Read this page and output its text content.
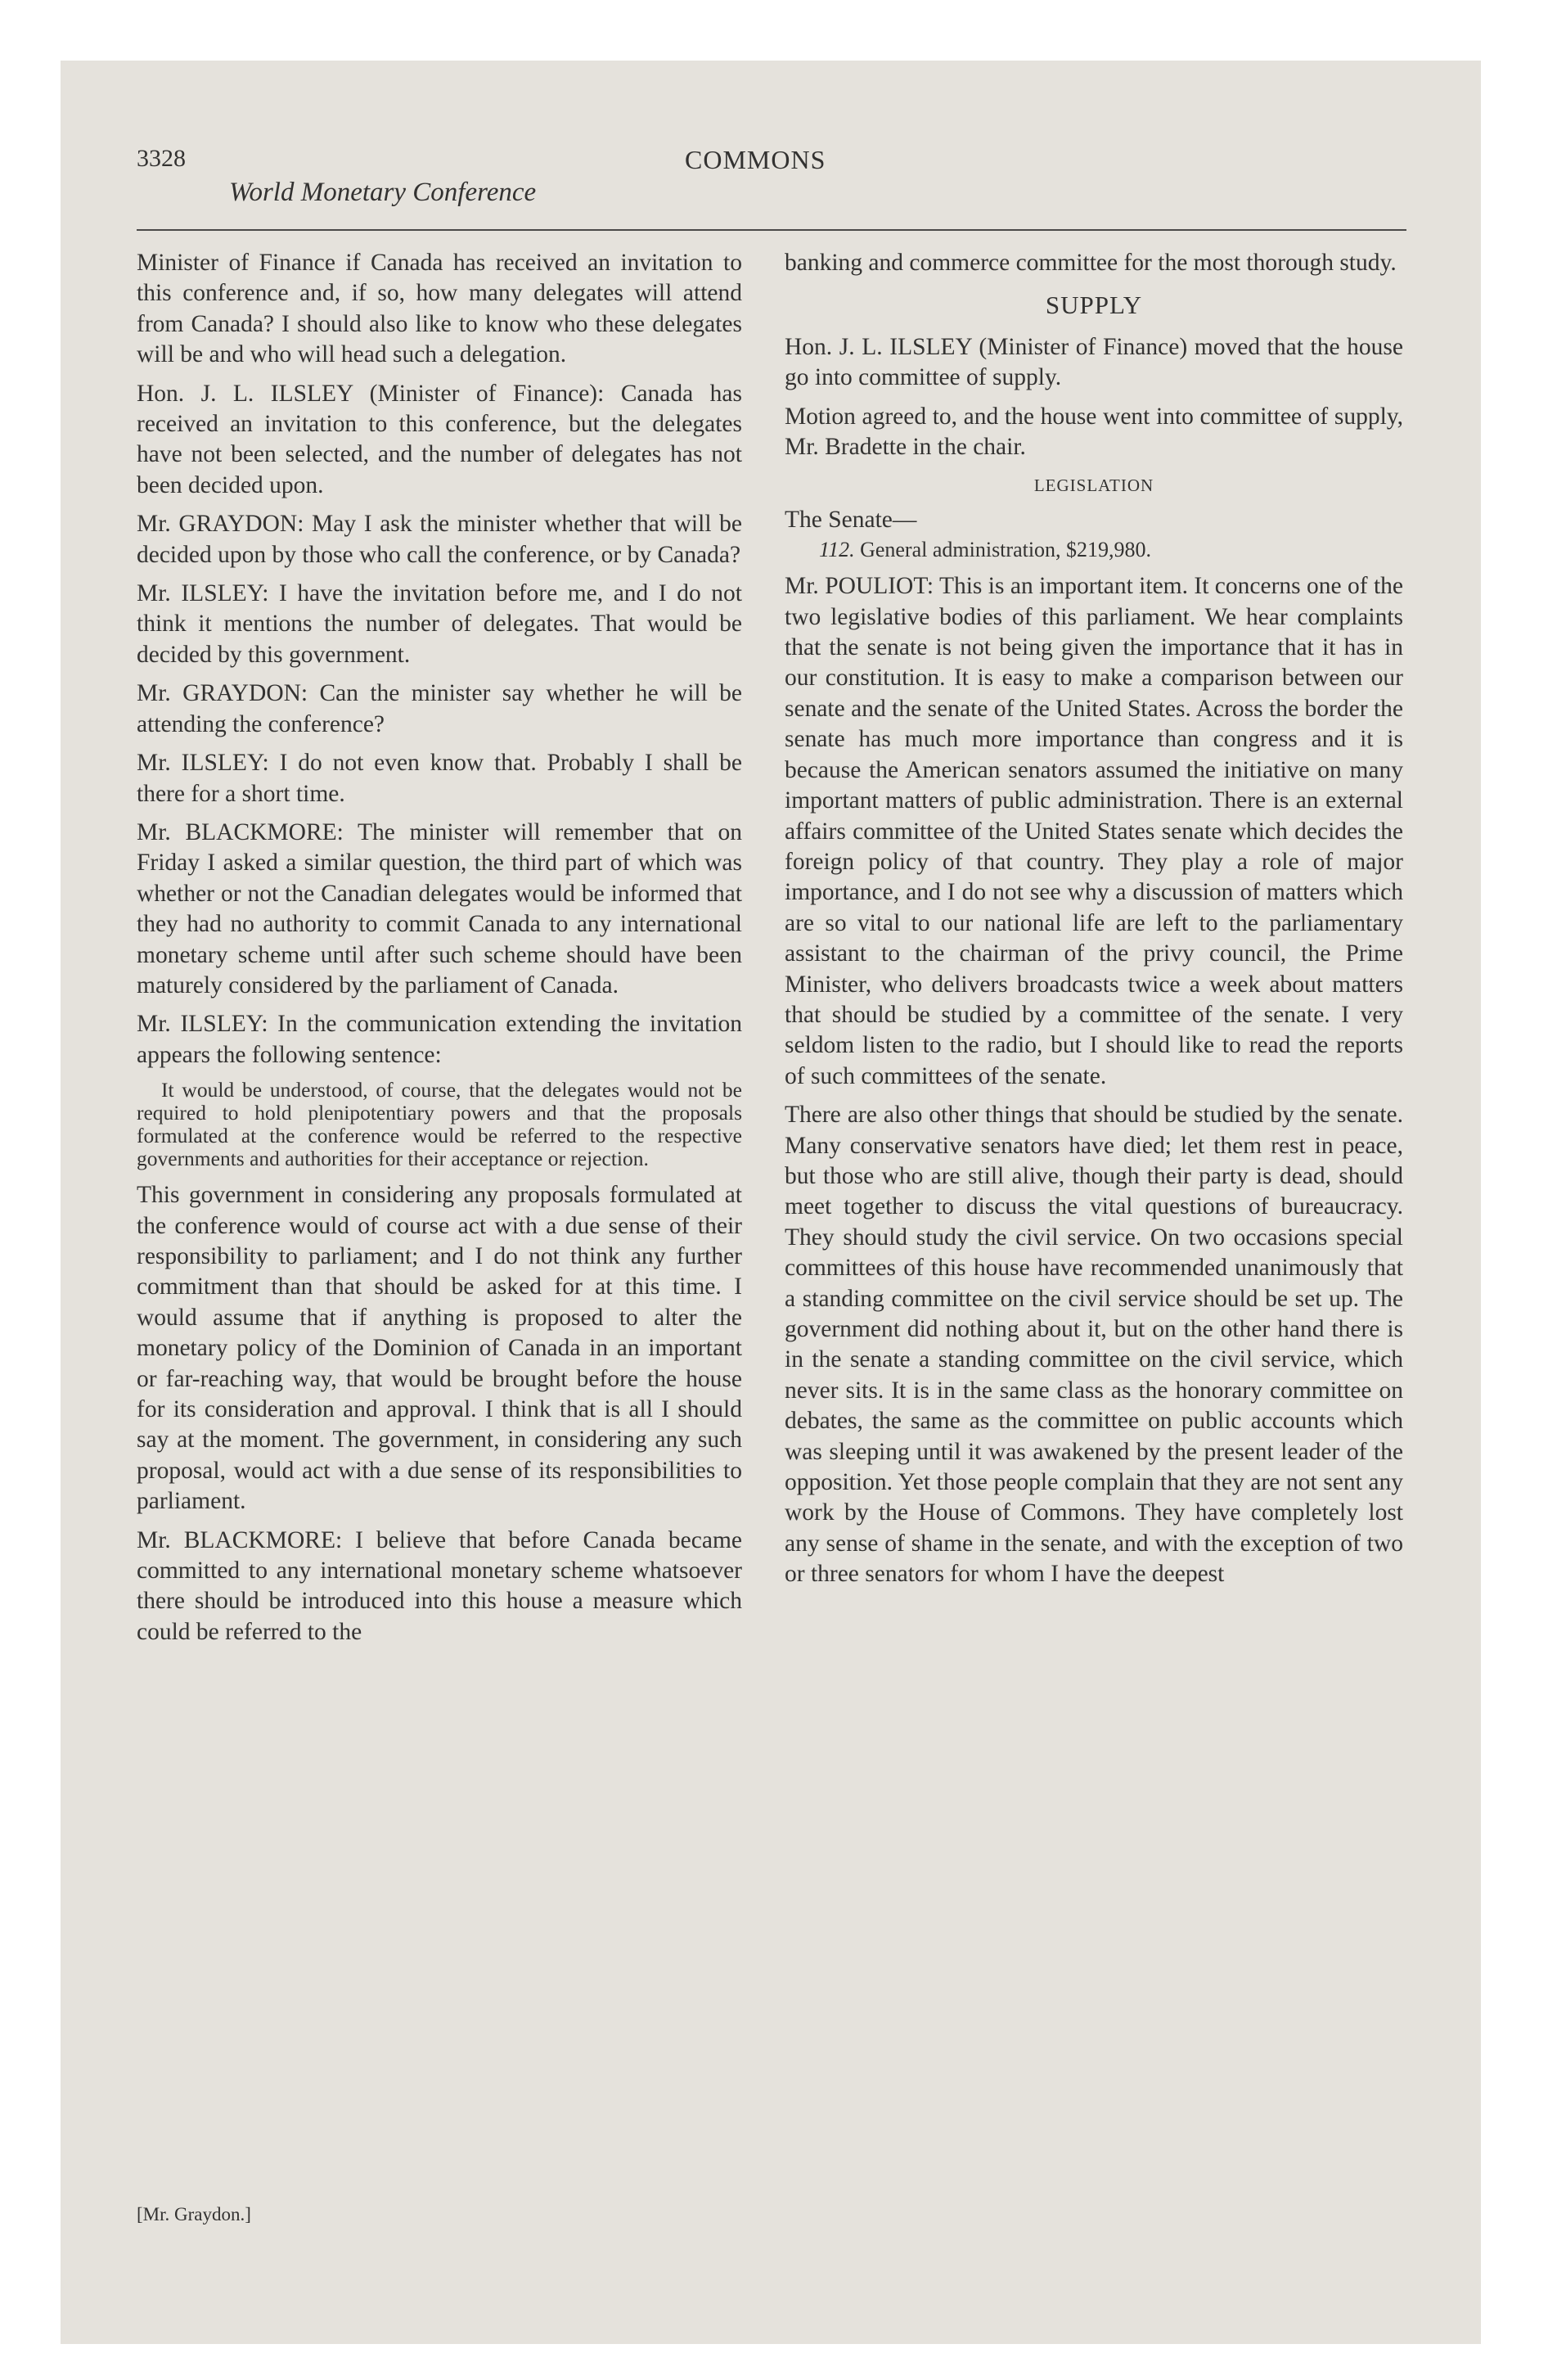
3328	COMMONS
World Monetary Conference

Minister of Finance if Canada has received an invitation to this conference and, if so, how many delegates will attend from Canada? I should also like to know who these delegates will be and who will head such a delegation.

Hon. J. L. ILSLEY (Minister of Finance): Canada has received an invitation to this conference, but the delegates have not been selected, and the number of delegates has not been decided upon.

Mr. GRAYDON: May I ask the minister whether that will be decided upon by those who call the conference, or by Canada?

Mr. ILSLEY: I have the invitation before me, and I do not think it mentions the number of delegates. That would be decided by this government.

Mr. GRAYDON: Can the minister say whether he will be attending the conference?

Mr. ILSLEY: I do not even know that. Probably I shall be there for a short time.

Mr. BLACKMORE: The minister will remember that on Friday I asked a similar question, the third part of which was whether or not the Canadian delegates would be informed that they had no authority to commit Canada to any international monetary scheme until after such scheme should have been maturely considered by the parliament of Canada.

Mr. ILSLEY: In the communication extending the invitation appears the following sentence:

It would be understood, of course, that the delegates would not be required to hold plenipotentiary powers and that the proposals formulated at the conference would be referred to the respective governments and authorities for their acceptance or rejection.

This government in considering any proposals formulated at the conference would of course act with a due sense of their responsibility to parliament; and I do not think any further commitment than that should be asked for at this time. I would assume that if anything is proposed to alter the monetary policy of the Dominion of Canada in an important or far-reaching way, that would be brought before the house for its consideration and approval. I think that is all I should say at the moment. The government, in considering any such proposal, would act with a due sense of its responsibilities to parliament.

Mr. BLACKMORE: I believe that before Canada became committed to any international monetary scheme whatsoever there should be introduced into this house a measure which could be referred to the

banking and commerce committee for the most thorough study.

SUPPLY

Hon. J. L. ILSLEY (Minister of Finance) moved that the house go into committee of supply.

Motion agreed to, and the house went into committee of supply, Mr. Bradette in the chair.

LEGISLATION

The Senate—

112. General administration, $219,980.

Mr. POULIOT: This is an important item. It concerns one of the two legislative bodies of this parliament. We hear complaints that the senate is not being given the importance that it has in our constitution. It is easy to make a comparison between our senate and the senate of the United States. Across the border the senate has much more importance than congress and it is because the American senators assumed the initiative on many important matters of public administration. There is an external affairs committee of the United States senate which decides the foreign policy of that country. They play a role of major importance, and I do not see why a discussion of matters which are so vital to our national life are left to the parliamentary assistant to the chairman of the privy council, the Prime Minister, who delivers broadcasts twice a week about matters that should be studied by a committee of the senate. I very seldom listen to the radio, but I should like to read the reports of such committees of the senate.

There are also other things that should be studied by the senate. Many conservative senators have died; let them rest in peace, but those who are still alive, though their party is dead, should meet together to discuss the vital questions of bureaucracy. They should study the civil service. On two occasions special committees of this house have recommended unanimously that a standing committee on the civil service should be set up. The government did nothing about it, but on the other hand there is in the senate a standing committee on the civil service, which never sits. It is in the same class as the honorary committee on debates, the same as the committee on public accounts which was sleeping until it was awakened by the present leader of the opposition. Yet those people complain that they are not sent any work by the House of Commons. They have completely lost any sense of shame in the senate, and with the exception of two or three senators for whom I have the deepest

[Mr. Graydon.]
